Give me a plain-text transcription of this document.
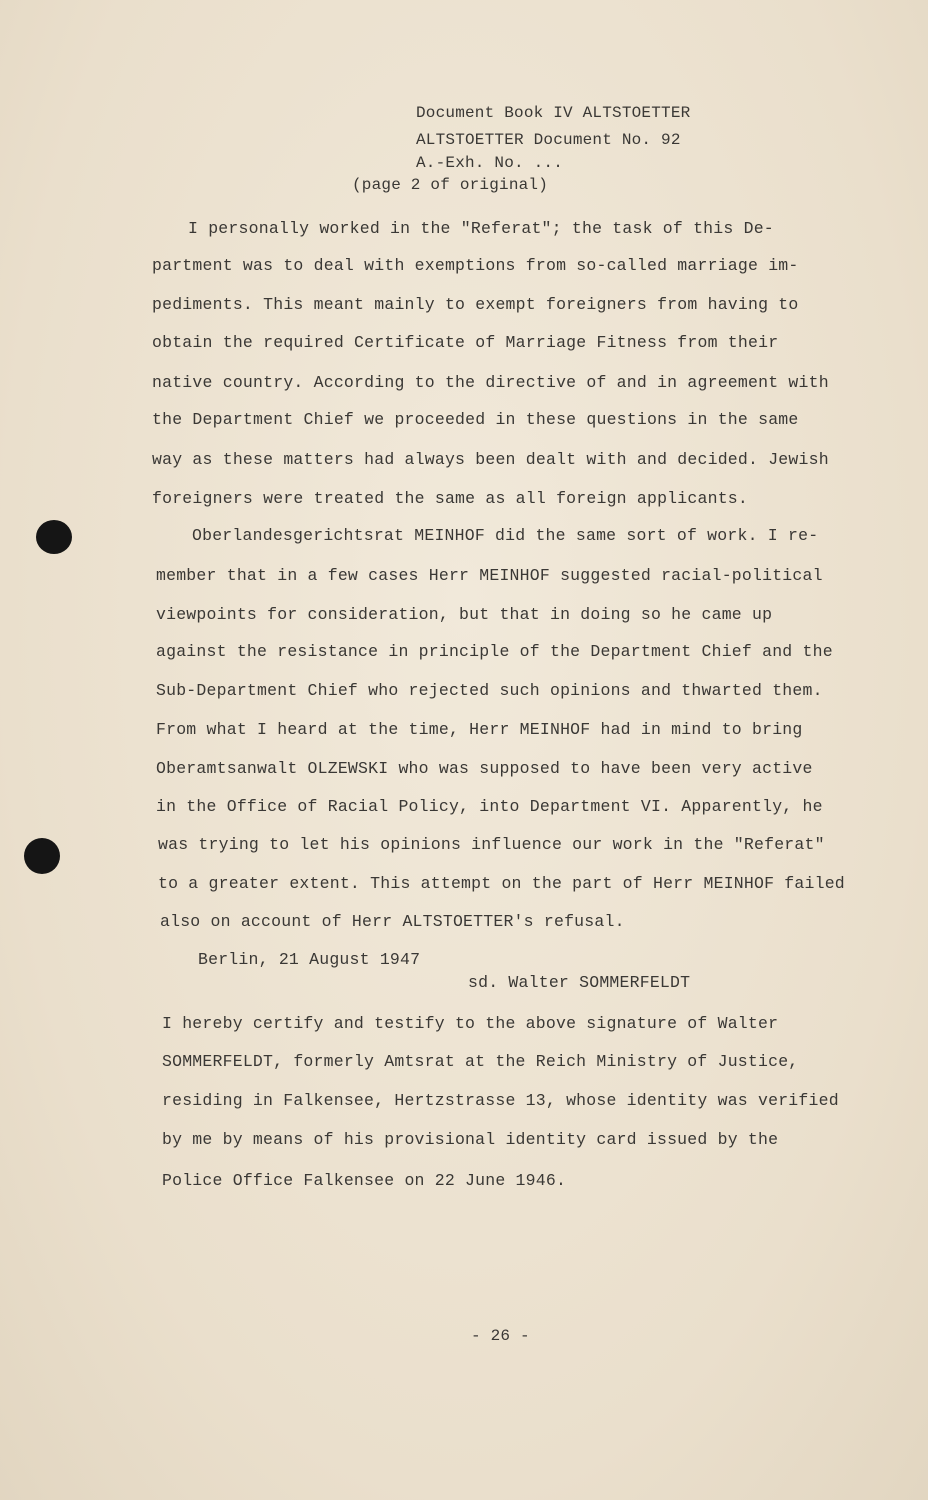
Document Book IV ALTSTOETTER
ALTSTOETTER Document No. 92
A.-Exh. No. ...
(page 2 of original)
I personally worked in the "Referat"; the task of this De-
partment was to deal with exemptions from so-called marriage im-
pediments. This meant mainly to exempt foreigners from having to
obtain the required Certificate of Marriage Fitness from their
native country. According to the directive of and in agreement with
the Department Chief we proceeded in these questions in the same
way as these matters had always been dealt with and decided. Jewish
foreigners were treated the same as all foreign applicants.
Oberlandesgerichtsrat MEINHOF did the same sort of work. I re-
member that in a few cases Herr MEINHOF suggested racial-political
viewpoints for consideration, but that in doing so he came up
against the resistance in principle of the Department Chief and the
Sub-Department Chief who rejected such opinions and thwarted them.
From what I heard at the time, Herr MEINHOF had in mind to bring
Oberamtsanwalt OLZEWSKI who was supposed to have been very active
in the Office of Racial Policy, into Department VI. Apparently, he
was trying to let his opinions influence our work in the "Referat"
to a greater extent. This attempt on the part of Herr MEINHOF failed
also on account of Herr ALTSTOETTER's refusal.
Berlin, 21 August 1947
sd. Walter SOMMERFELDT
I hereby certify and testify to the above signature of Walter
SOMMERFELDT, formerly Amtsrat at the Reich Ministry of Justice,
residing in Falkensee, Hertzstrasse 13, whose identity was verified
by me by means of his provisional identity card issued by the
Police Office Falkensee on 22 June 1946.
- 26 -
